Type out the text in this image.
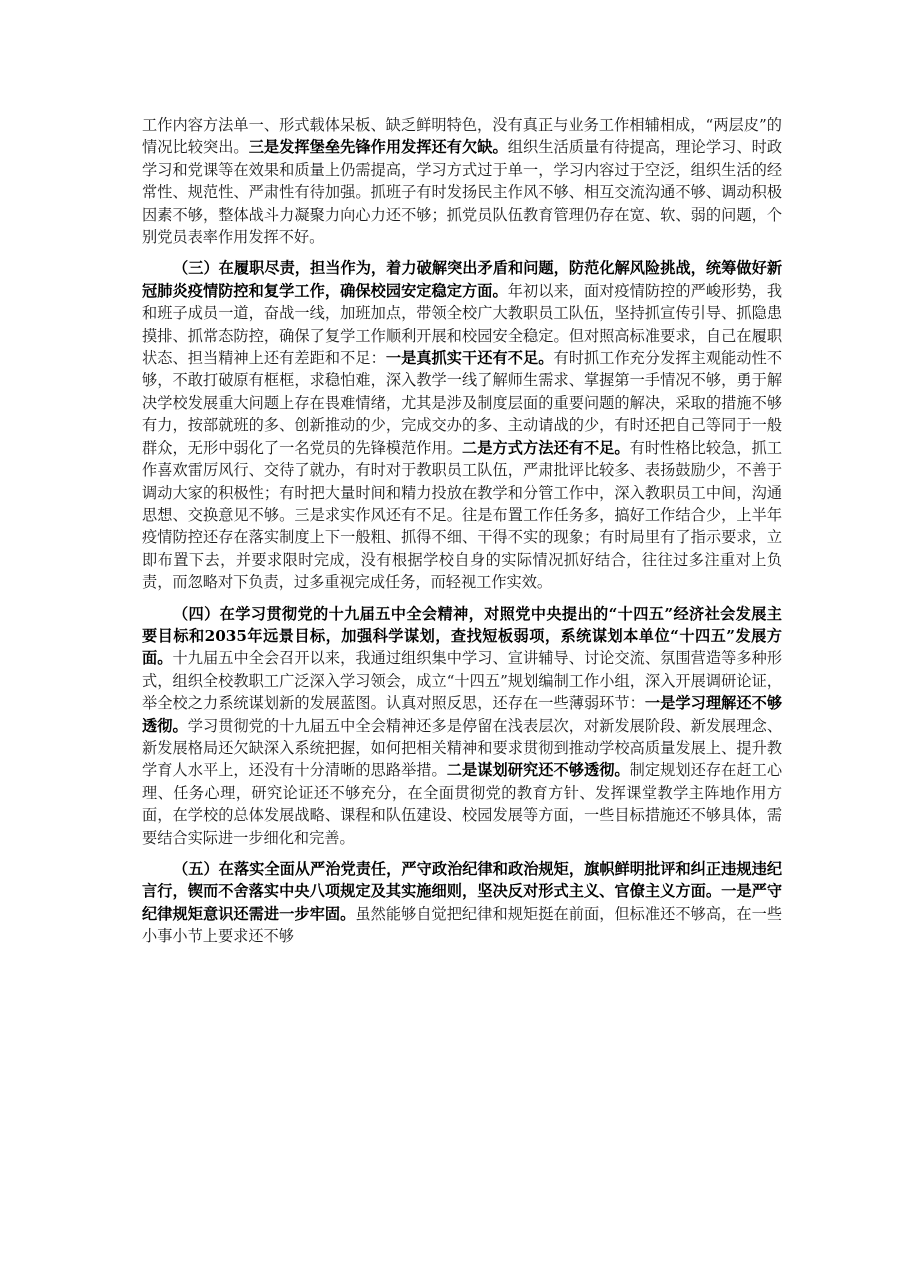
工作内容方法单一、形式载体呆板、缺乏鲜明特色，没有真正与业务工作相辅相成，“两层皮”的情况比较突出。三是发挥堡垒先锋作用发挥还有欠缺。组织生活质量有待提高，理论学习、时政学习和党课等在效果和质量上仍需提高，学习方式过于单一，学习内容过于空泛，组织生活的经常性、规范性、严肃性有待加强。抓班子有时发扬民主作风不够、相互交流沟通不够、调动积极因素不够，整体战斗力凝聚力向心力还不够；抓党员队伍教育管理仍存在宽、软、弱的问题，个别党员表率作用发挥不好。

（三）在履职尽责，担当作为，着力破解突出矛盾和问题，防范化解风险挑战，统筹做好新冠肺炎疫情防控和复学工作，确保校园安定稳定方面。年初以来，面对疫情防控的严峻形势，我和班子成员一道，奋战一线，加班加点，带领全校广大教职员工队伍，坚持抓宣传引导、抓隐患摸排、抓常态防控，确保了复学工作顺利开展和校园安全稳定。但对照高标准要求，自己在履职状态、担当精神上还有差距和不足：一是真抓实干还有不足。有时抓工作充分发挥主观能动性不够，不敢打破原有框框，求稳怕难，深入教学一线了解师生需求、掌握第一手情况不够，勇于解决学校发展重大问题上存在畏难情绪，尤其是涉及制度层面的重要问题的解决，采取的措施不够有力，按部就班的多、创新推动的少，完成交办的多、主动请战的少，有时还把自己等同于一般群众，无形中弱化了一名党员的先锋模范作用。二是方式方法还有不足。有时性格比较急，抓工作喜欢雷厉风行、交待了就办，有时对于教职员工队伍，严肃批评比较多、表扬鼓励少，不善于调动大家的积极性；有时把大量时间和精力投放在教学和分管工作中，深入教职员工中间，沟通思想、交换意见不够。三是求实作风还有不足。往是布置工作任务多，搞好工作结合少，上半年疫情防控还存在落实制度上下一般粗、抓得不细、干得不实的现象；有时局里有了指示要求，立即布置下去，并要求限时完成，没有根据学校自身的实际情况抓好结合，往往过多注重对上负责，而忽略对下负责，过多重视完成任务，而轻视工作实效。

（四）在学习贯彻党的十九届五中全会精神，对照党中央提出的“十四五”经济社会发展主要目标和2035年远景目标，加强科学谋划，查找短板弱项，系统谋划本单位“十四五”发展方面。十九届五中全会召开以来，我通过组织集中学习、宣讲辅导、讨论交流、氛围营造等多种形式，组织全校教职工广泛深入学习领会，成立“十四五”规划编制工作小组，深入开展调研论证，举全校之力系统谋划新的发展蓝图。认真对照反思，还存在一些薄弱环节：一是学习理解还不够透彻。学习贯彻党的十九届五中全会精神还多是停留在浅表层次，对新发展阶段、新发展理念、新发展格局还欠缺深入系统把握，如何把相关精神和要求贯彻到推动学校高质量发展上、提升教学育人水平上，还没有十分清晰的思路举措。二是谋划研究还不够透彻。制定规划还存在赶工心理、任务心理，研究论证还不够充分，在全面贯彻党的教育方针、发挥课堂教学主阵地作用方面，在学校的总体发展战略、课程和队伍建设、校园发展等方面，一些目标措施还不够具体，需要结合实际进一步细化和完善。

（五）在落实全面从严治党责任，严守政治纪律和政治规矩，旗帜鲜明批评和纠正违规违纪言行，锲而不舍落实中央八项规定及其实施细则，坚决反对形式主义、官僚主义方面。一是严守纪律规矩意识还需进一步牢固。虽然能够自觉把纪律和规矩挺在前面，但标准还不够高，在一些小事小节上要求还不够
